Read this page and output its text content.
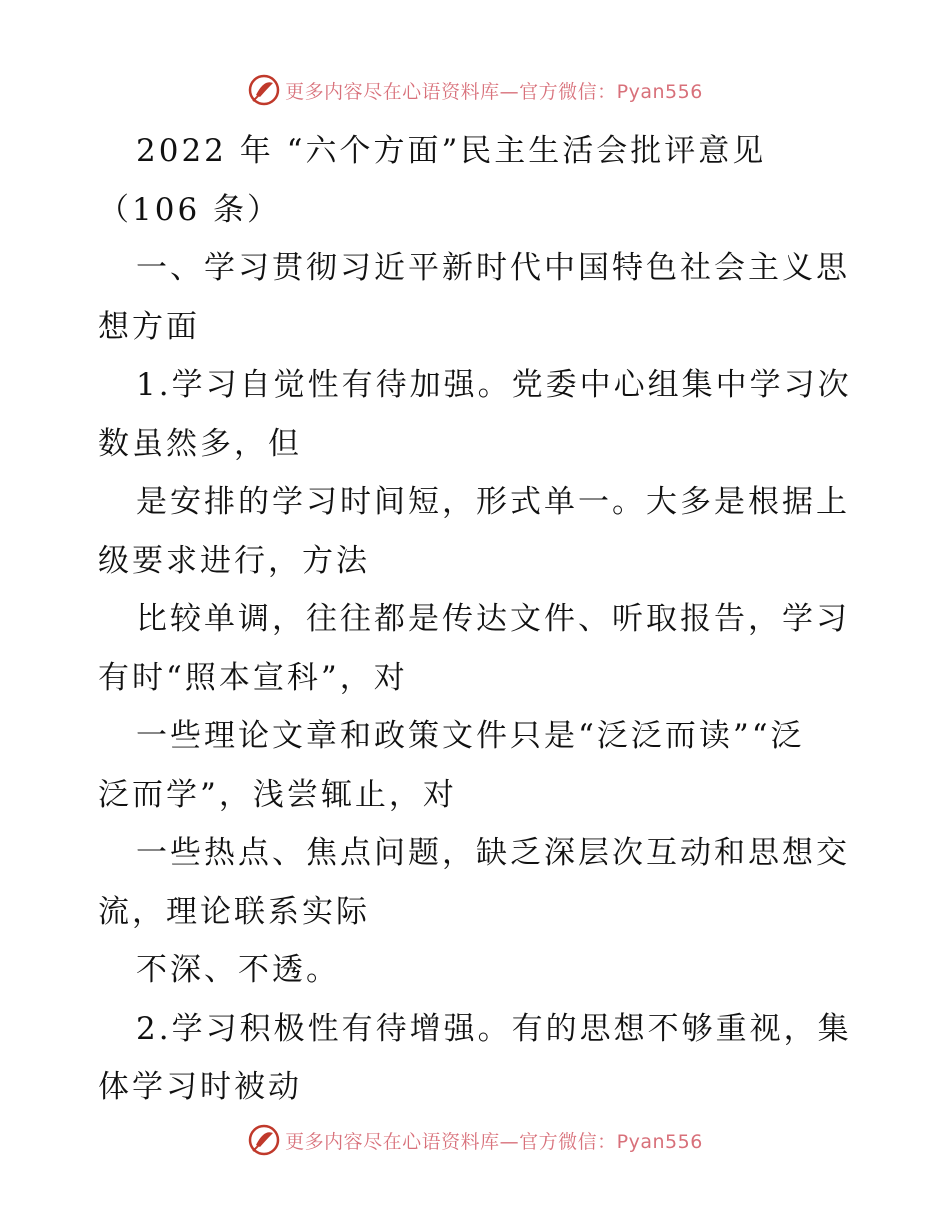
更多内容尽在心语资料库—官方微信：Pyan556
2022 年 “六个方面”民主生活会批评意见
（106 条）
一、学习贯彻习近平新时代中国特色社会主义思
想方面
1.学习自觉性有待加强。党委中心组集中学习次
数虽然多，但
是安排的学习时间短，形式单一。大多是根据上
级要求进行，方法
比较单调，往往都是传达文件、听取报告，学习
有时“照本宣科”，对
一些理论文章和政策文件只是“泛泛而读”“泛
泛而学”，浅尝辄止，对
一些热点、焦点问题，缺乏深层次互动和思想交
流，理论联系实际
不深、不透。
2.学习积极性有待增强。有的思想不够重视，集
体学习时被动
更多内容尽在心语资料库—官方微信：Pyan556
